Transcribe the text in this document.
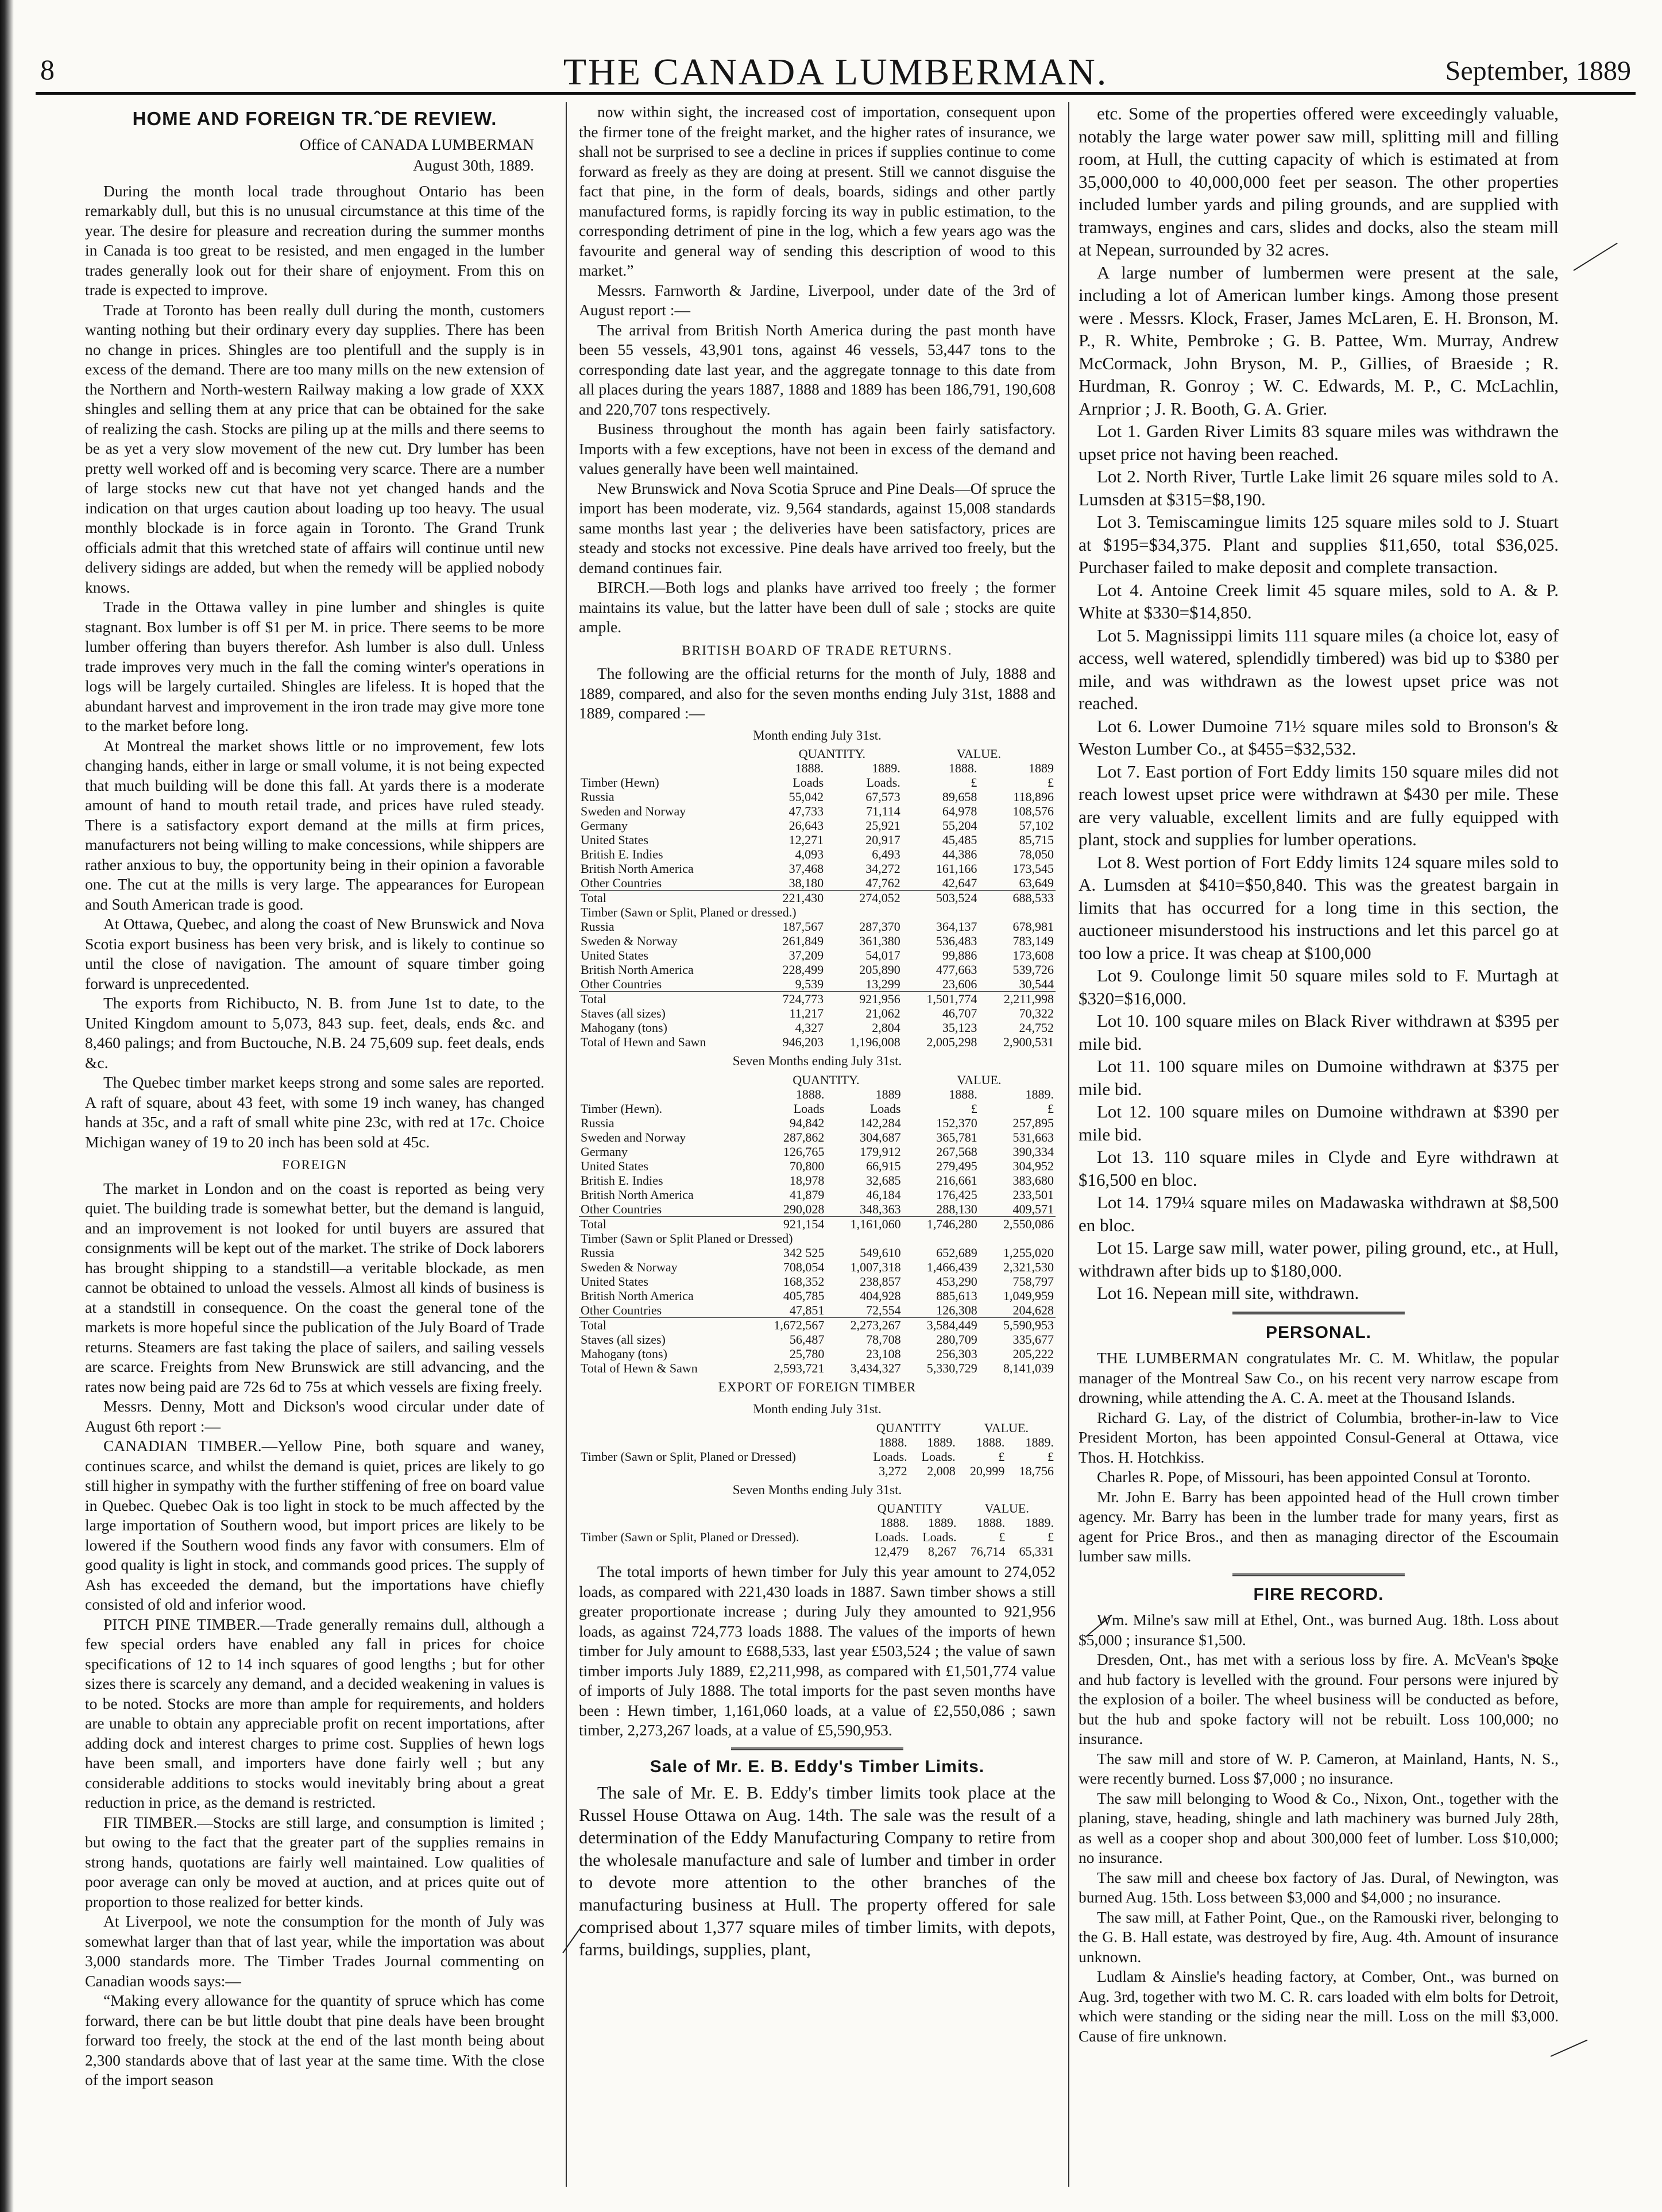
8	THE CANADA LUMBERMAN.	September, 1889
HOME AND FOREIGN TR.ˆDE REVIEW.
Office of CANADA LUMBERMAN
August 30th, 1889.

During the month local trade throughout Ontario has been remarkably dull, but this is no unusual circumstance at this time of the year. The desire for pleasure and recreation during the summer months in Canada is too great to be resisted, and men engaged in the lumber trades generally look out for their share of enjoyment. From this on trade is expected to improve.

Trade at Toronto has been really dull during the month, customers wanting nothing but their ordinary every day supplies. There has been no change in prices. Shingles are too plentifull and the supply is in excess of the demand. There are too many mills on the new extension of the Northern and North-western Railway making a low grade of XXX shingles and selling them at any price that can be obtained for the sake of realizing the cash. Stocks are piling up at the mills and there seems to be as yet a very slow movement of the new cut. Dry lumber has been pretty well worked off and is becoming very scarce. There are a number of large stocks new cut that have not yet changed hands and the indication on that urges caution about loading up too heavy. The usual monthly blockade is in force again in Toronto. The Grand Trunk officials admit that this wretched state of affairs will continue until new delivery sidings are added, but when the remedy will be applied nobody knows.

Trade in the Ottawa valley in pine lumber and shingles is quite stagnant. Box lumber is off $1 per M. in price. There seems to be more lumber offering than buyers therefor. Ash lumber is also dull. Unless trade improves very much in the fall the coming winter's operations in logs will be largely curtailed. Shingles are lifeless. It is hoped that the abundant harvest and improvement in the iron trade may give more tone to the market before long.

At Montreal the market shows little or no improvement, few lots changing hands, either in large or small volume, it is not being expected that much building will be done this fall. At yards there is a moderate amount of hand to mouth retail trade, and prices have ruled steady. There is a satisfactory export demand at the mills at firm prices, manufacturers not being willing to make concessions, while shippers are rather anxious to buy, the opportunity being in their opinion a favorable one. The cut at the mills is very large. The appearances for European and South American trade is good.

At Ottawa, Quebec, and along the coast of New Brunswick and Nova Scotia export business has been very brisk, and is likely to continue so until the close of navigation. The amount of square timber going forward is unprecedented.

The exports from Richibucto, N. B. from June 1st to date, to the United Kingdom amount to 5,073, 843 sup. feet, deals, ends &c. and 8,460 palings; and from Buctouche, N.B. 24 75,609 sup. feet deals, ends &c.

The Quebec timber market keeps strong and some sales are reported. A raft of square, about 43 feet, with some 19 inch waney, has changed hands at 35c, and a raft of small white pine 23c, with red at 17c. Choice Michigan waney of 19 to 20 inch has been sold at 45c.

FOREIGN

The market in London and on the coast is reported as being very quiet. The building trade is somewhat better, but the demand is languid, and an improvement is not looked for until buyers are assured that consignments will be kept out of the market. The strike of Dock laborers has brought shipping to a standstill—a veritable blockade, as men cannot be obtained to unload the vessels. Almost all kinds of business is at a standstill in consequence. On the coast the general tone of the markets is more hopeful since the publication of the July Board of Trade returns. Steamers are fast taking the place of sailers, and sailing vessels are scarce. Freights from New Brunswick are still advancing, and the rates now being paid are 72s 6d to 75s at which vessels are fixing freely.

Messrs. Denny, Mott and Dickson's wood circular under date of August 6th report :—

CANADIAN TIMBER.—Yellow Pine, both square and waney, continues scarce, and whilst the demand is quiet, prices are likely to go still higher in sympathy with the further stiffening of free on board value in Quebec. Quebec Oak is too light in stock to be much affected by the large importation of Southern wood, but import prices are likely to be lowered if the Southern wood finds any favor with consumers. Elm of good quality is light in stock, and commands good prices. The supply of Ash has exceeded the demand, but the importations have chiefly consisted of old and inferior wood.

PITCH PINE TIMBER.—Trade generally remains dull, although a few special orders have enabled any fall in prices for choice specifications of 12 to 14 inch squares of good lengths ; but for other sizes there is scarcely any demand, and a decided weakening in values is to be noted. Stocks are more than ample for requirements, and holders are unable to obtain any appreciable profit on recent importations, after adding dock and interest charges to prime cost. Supplies of hewn logs have been small, and importers have done fairly well ; but any considerable additions to stocks would inevitably bring about a great reduction in price, as the demand is restricted.

FIR TIMBER.—Stocks are still large, and consumption is limited ; but owing to the fact that the greater part of the supplies remains in strong hands, quotations are fairly well maintained. Low qualities of poor average can only be moved at auction, and at prices quite out of proportion to those realized for better kinds.

At Liverpool, we note the consumption for the month of July was somewhat larger than that of last year, while the importation was about 3,000 standards more. The Timber Trades Journal commenting on Canadian woods says:—

“Making every allowance for the quantity of spruce which has come forward, there can be but little doubt that pine deals have been brought forward too freely, the stock at the end of the last month being about 2,300 standards above that of last year at the same time. With the close of the import season

now within sight, the increased cost of importation, consequent upon the firmer tone of the freight market, and the higher rates of insurance, we shall not be surprised to see a decline in prices if supplies continue to come forward as freely as they are doing at present. Still we cannot disguise the fact that pine, in the form of deals, boards, sidings and other partly manufactured forms, is rapidly forcing its way in public estimation, to the corresponding detriment of pine in the log, which a few years ago was the favourite and general way of sending this description of wood to this market.”

Messrs. Farnworth & Jardine, Liverpool, under date of the 3rd of August report :—

The arrival from British North America during the past month have been 55 vessels, 43,901 tons, against 46 vessels, 53,447 tons to the corresponding date last year, and the aggregate tonnage to this date from all places during the years 1887, 1888 and 1889 has been 186,791, 190,608 and 220,707 tons respectively.

Business throughout the month has again been fairly satisfactory. Imports with a few exceptions, have not been in excess of the demand and values generally have been well maintained.

New Brunswick and Nova Scotia Spruce and Pine Deals—Of spruce the import has been moderate, viz. 9,564 standards, against 15,008 standards same months last year ; the deliveries have been satisfactory, prices are steady and stocks not excessive. Pine deals have arrived too freely, but the demand continues fair.

BIRCH.—Both logs and planks have arrived too freely ; the former maintains its value, but the latter have been dull of sale ; stocks are quite ample.

BRITISH BOARD OF TRADE RETURNS.

The following are the official returns for the month of July, 1888 and 1889, compared, and also for the seven months ending July 31st, 1888 and 1889, compared :—

Month ending July 31st.
	QUANTITY.		VALUE.	
	1888.	1889.	1888.	1889
Timber (Hewn)	Loads	Loads.	£	£
Russia	55,042	67,573	89,658	118,896
Sweden and Norway	47,733	71,114	64,978	108,576
Germany	26,643	25,921	55,204	57,102
United States	12,271	20,917	45,485	85,715
British E. Indies	4,093	6,493	44,386	78,050
British North America	37,468	34,272	161,166	173,545
Other Countries	38,180	47,762	42,647	63,649
Total	221,430	274,052	503,524	688,533
Timber (Sawn or Split, Planed or dressed.)				
Russia	187,567	287,370	364,137	678,981
Sweden & Norway	261,849	361,380	536,483	783,149
United States	37,209	54,017	99,886	173,608
British North America	228,499	205,890	477,663	539,726
Other Countries	9,539	13,299	23,606	30,544
Total	724,773	921,956	1,501,774	2,211,998
Staves (all sizes)	11,217	21,062	46,707	70,322
Mahogany (tons)	4,327	2,804	35,123	24,752
Total of Hewn and Sawn	946,203	1,196,008	2,005,298	2,900,531
Seven Months ending July 31st.
	QUANTITY.		VALUE.	
	1888.	1889	1888.	1889.
Timber (Hewn).	Loads	Loads	£	£
Russia	94,842	142,284	152,370	257,895
Sweden and Norway	287,862	304,687	365,781	531,663
Germany	126,765	179,912	267,568	390,334
United States	70,800	66,915	279,495	304,952
British E. Indies	18,978	32,685	216,661	383,680
British North America	41,879	46,184	176,425	233,501
Other Countries	290,028	348,363	288,130	409,571
Total	921,154	1,161,060	1,746,280	2,550,086
Timber (Sawn or Split Planed or Dressed)				
Russia	342 525	549,610	652,689	1,255,020
Sweden & Norway	708,054	1,007,318	1,466,439	2,321,530
United States	168,352	238,857	453,290	758,797
British North America	405,785	404,928	885,613	1,049,959
Other Countries	47,851	72,554	126,308	204,628
Total	1,672,567	2,273,267	3,584,449	5,590,953
Staves (all sizes)	56,487	78,708	280,709	335,677
Mahogany (tons)	25,780	23,108	256,303	205,222
Total of Hewn & Sawn	2,593,721	3,434,327	5,330,729	8,141,039
EXPORT OF FOREIGN TIMBER
Month ending July 31st.
	QUANTITY		VALUE.	
	1888.	1889.	1888.	1889.
Timber (Sawn or Split, Planed or Dressed)	Loads.	Loads.	£	£
	3,272	2,008	20,999	18,756
Seven Months ending July 31st.
	QUANTITY		VALUE.	
	1888.	1889.	1888.	1889.
Timber (Sawn or Split, Planed or Dressed).	Loads.	Loads.	£	£
	12,479	8,267	76,714	65,331

The total imports of hewn timber for July this year amount to 274,052 loads, as compared with 221,430 loads in 1887. Sawn timber shows a still greater proportionate increase ; during July they amounted to 921,956 loads, as against 724,773 loads 1888. The values of the imports of hewn timber for July amount to £688,533, last year £503,524 ; the value of sawn timber imports July 1889, £2,211,998, as compared with £1,501,774 value of imports of July 1888. The total imports for the past seven months have been : Hewn timber, 1,161,060 loads, at a value of £2,550,086 ; sawn timber, 2,273,267 loads, at a value of £5,590,953.

Sale of Mr. E. B. Eddy's Timber Limits.

The sale of Mr. E. B. Eddy's timber limits took place at the Russel House Ottawa on Aug. 14th. The sale was the result of a determination of the Eddy Manufacturing Company to retire from the wholesale manufacture and sale of lumber and timber in order to devote more attention to the other branches of the manufacturing business at Hull. The property offered for sale comprised about 1,377 square miles of timber limits, with depots, farms, buildings, supplies, plant,

etc. Some of the properties offered were exceedingly valuable, notably the large water power saw mill, splitting mill and filling room, at Hull, the cutting capacity of which is estimated at from 35,000,000 to 40,000,000 feet per season. The other properties included lumber yards and piling grounds, and are supplied with tramways, engines and cars, slides and docks, also the steam mill at Nepean, surrounded by 32 acres.

A large number of lumbermen were present at the sale, including a lot of American lumber kings. Among those present were . Messrs. Klock, Fraser, James McLaren, E. H. Bronson, M. P., R. White, Pembroke ; G. B. Pattee, Wm. Murray, Andrew McCormack, John Bryson, M. P., Gillies, of Braeside ; R. Hurdman, R. Gonroy ; W. C. Edwards, M. P., C. McLachlin, Arnprior ; J. R. Booth, G. A. Grier.

Lot 1. Garden River Limits 83 square miles was withdrawn the upset price not having been reached.

Lot 2. North River, Turtle Lake limit 26 square miles sold to A. Lumsden at $315=$8,190.

Lot 3. Temiscamingue limits 125 square miles sold to J. Stuart at $195=$34,375. Plant and supplies $11,650, total $36,025. Purchaser failed to make deposit and complete transaction.

Lot 4. Antoine Creek limit 45 square miles, sold to A. & P. White at $330=$14,850.

Lot 5. Magnissippi limits 111 square miles (a choice lot, easy of access, well watered, splendidly timbered) was bid up to $380 per mile, and was withdrawn as the lowest upset price was not reached.

Lot 6. Lower Dumoine 71½ square miles sold to Bronson's & Weston Lumber Co., at $455=$32,532.

Lot 7. East portion of Fort Eddy limits 150 square miles did not reach lowest upset price were withdrawn at $430 per mile. These are very valuable, excellent limits and are fully equipped with plant, stock and supplies for lumber operations.

Lot 8. West portion of Fort Eddy limits 124 square miles sold to A. Lumsden at $410=$50,840. This was the greatest bargain in limits that has occurred for a long time in this section, the auctioneer misunderstood his instructions and let this parcel go at too low a price. It was cheap at $100,000

Lot 9. Coulonge limit 50 square miles sold to F. Murtagh at $320=$16,000.

Lot 10. 100 square miles on Black River withdrawn at $395 per mile bid.

Lot 11. 100 square miles on Dumoine withdrawn at $375 per mile bid.

Lot 12. 100 square miles on Dumoine withdrawn at $390 per mile bid.

Lot 13. 110 square miles in Clyde and Eyre withdrawn at $16,500 en bloc.

Lot 14. 179¼ square miles on Madawaska withdrawn at $8,500 en bloc.

Lot 15. Large saw mill, water power, piling ground, etc., at Hull, withdrawn after bids up to $180,000.

Lot 16. Nepean mill site, withdrawn.

PERSONAL.

THE LUMBERMAN congratulates Mr. C. M. Whitlaw, the popular manager of the Montreal Saw Co., on his recent very narrow escape from drowning, while attending the A. C. A. meet at the Thousand Islands.

Richard G. Lay, of the district of Columbia, brother-in-law to Vice President Morton, has been appointed Consul-General at Ottawa, vice Thos. H. Hotchkiss.

Charles R. Pope, of Missouri, has been appointed Consul at Toronto.

Mr. John E. Barry has been appointed head of the Hull crown timber agency. Mr. Barry has been in the lumber trade for many years, first as agent for Price Bros., and then as managing director of the Escoumain lumber saw mills.

FIRE RECORD.

Wm. Milne's saw mill at Ethel, Ont., was burned Aug. 18th. Loss about $5,000 ; insurance $1,500.

Dresden, Ont., has met with a serious loss by fire. A. McVean's spoke and hub factory is levelled with the ground. Four persons were injured by the explosion of a boiler. The wheel business will be conducted as before, but the hub and spoke factory will not be rebuilt. Loss 100,000; no insurance.

The saw mill and store of W. P. Cameron, at Mainland, Hants, N. S., were recently burned. Loss $7,000 ; no insurance.

The saw mill belonging to Wood & Co., Nixon, Ont., together with the planing, stave, heading, shingle and lath machinery was burned July 28th, as well as a cooper shop and about 300,000 feet of lumber. Loss $10,000; no insurance.

The saw mill and cheese box factory of Jas. Dural, of Newington, was burned Aug. 15th. Loss between $3,000 and $4,000 ; no insurance.

The saw mill, at Father Point, Que., on the Ramouski river, belonging to the G. B. Hall estate, was destroyed by fire, Aug. 4th. Amount of insurance unknown.

Ludlam & Ainslie's heading factory, at Comber, Ont., was burned on Aug. 3rd, together with two M. C. R. cars loaded with elm bolts for Detroit, which were standing or the siding near the mill. Loss on the mill $3,000. Cause of fire unknown.
